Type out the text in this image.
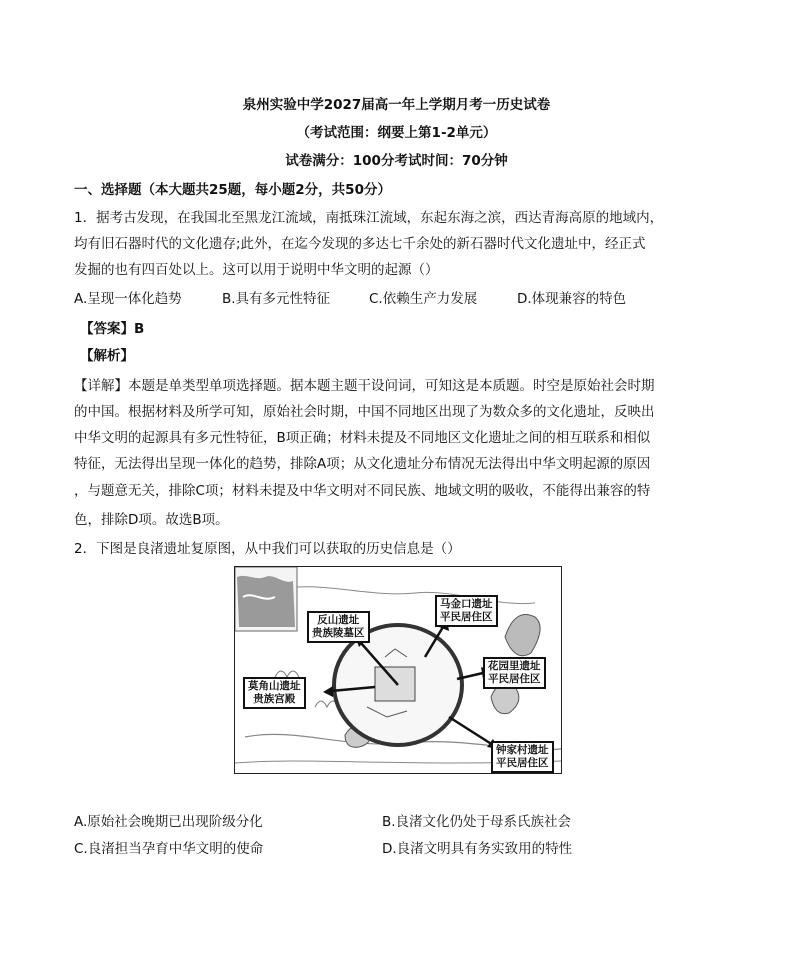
泉州实验中学2027届高一年上学期月考一历史试卷
（考试范围：纲要上第1-2单元）
试卷满分：100分考试时间：70分钟
一、选择题（本大题共25题，每小题2分，共50分）
1．据考古发现，在我国北至黑龙江流域，南抵珠江流域，东起东海之滨，西达青海高原的地域内，
均有旧石器时代的文化遗存;此外，在迄今发现的多达七千余处的新石器时代文化遗址中，经正式
发掘的也有四百处以上。这可以用于说明中华文明的起源（）
A.呈现一体化趋势	B.具有多元性特征	C.依赖生产力发展	D.体现兼容的特色
【答案】B
【解析】
【详解】本题是单类型单项选择题。据本题主题干设问词，可知这是本质题。时空是原始社会时期
的中国。根据材料及所学可知，原始社会时期，中国不同地区出现了为数众多的文化遗址，反映出
中华文明的起源具有多元性特征，B项正确；材料未提及不同地区文化遗址之间的相互联系和相似
特征，无法得出呈现一体化的趋势，排除A项；从文化遗址分布情况无法得出中华文明起源的原因
，与题意无关，排除C项；材料未提及中华文明对不同民族、地域文明的吸收，不能得出兼容的特
色，排除D项。故选B项。
2．下图是良渚遗址复原图，从中我们可以获取的历史信息是（）
反山遗址
贵族陵墓区
马金口遗址
平民居住区
花园里遗址
平民居住区
莫角山遗址
贵族宫殿
钟家村遗址
平民居住区
A.原始社会晚期已出现阶级分化	B.良渚文化仍处于母系氏族社会
C.良渚担当孕育中华文明的使命	D.良渚文明具有务实致用的特性
